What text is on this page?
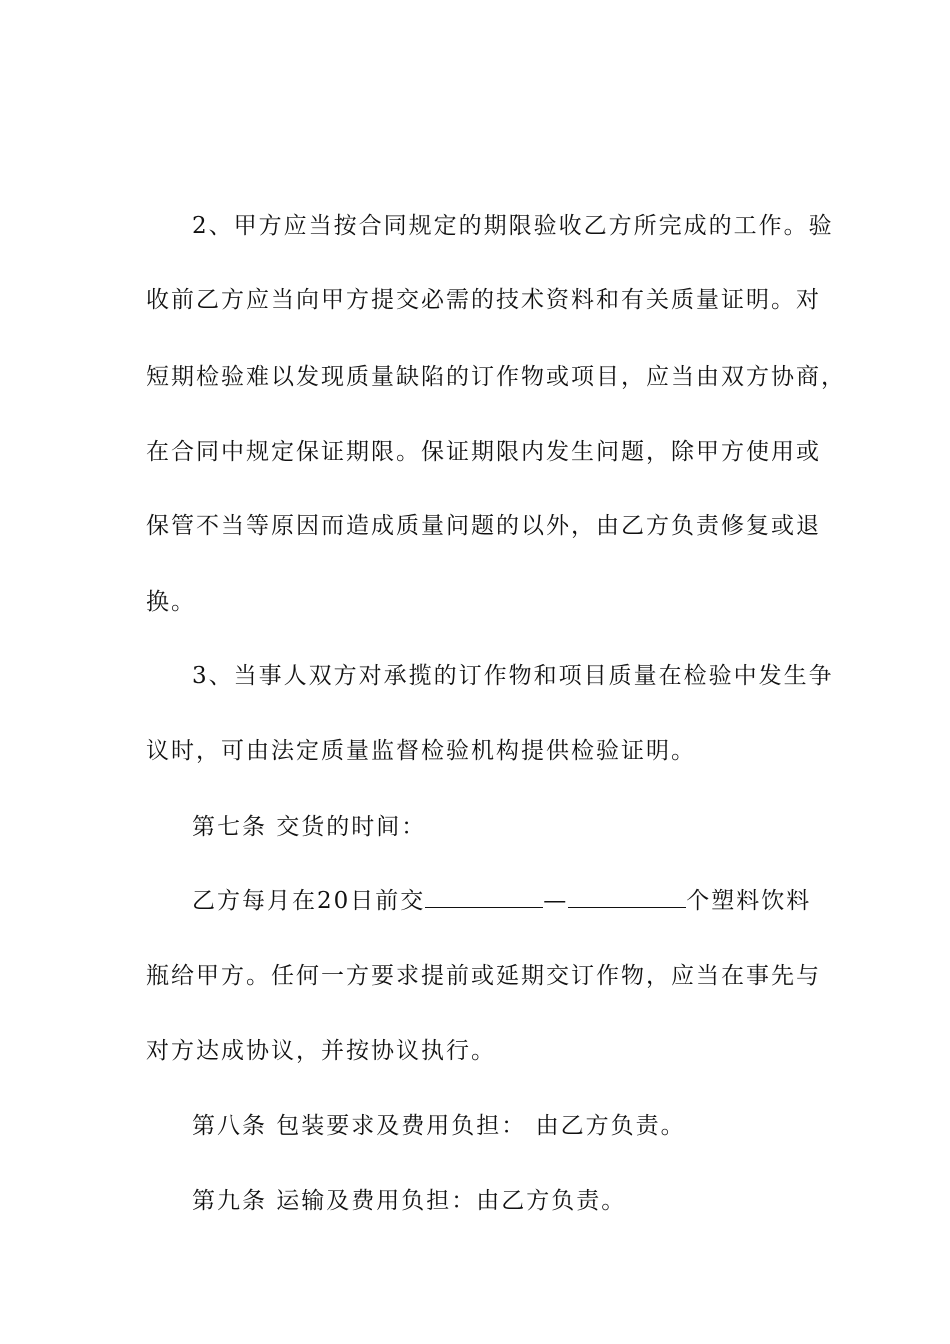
2、甲方应当按合同规定的期限验收乙方所完成的工作。验
收前乙方应当向甲方提交必需的技术资料和有关质量证明。对
短期检验难以发现质量缺陷的订作物或项目，应当由双方协商，
在合同中规定保证期限。保证期限内发生问题，除甲方使用或
保管不当等原因而造成质量问题的以外，由乙方负责修复或退
换。
3、当事人双方对承揽的订作物和项目质量在检验中发生争
议时，可由法定质量监督检验机构提供检验证明。
第七条 交货的时间：
乙方每月在20日前交	—	个塑料饮料
瓶给甲方。任何一方要求提前或延期交订作物，应当在事先与
对方达成协议，并按协议执行。
第八条 包装要求及费用负担： 由乙方负责。
第九条 运输及费用负担：由乙方负责。
